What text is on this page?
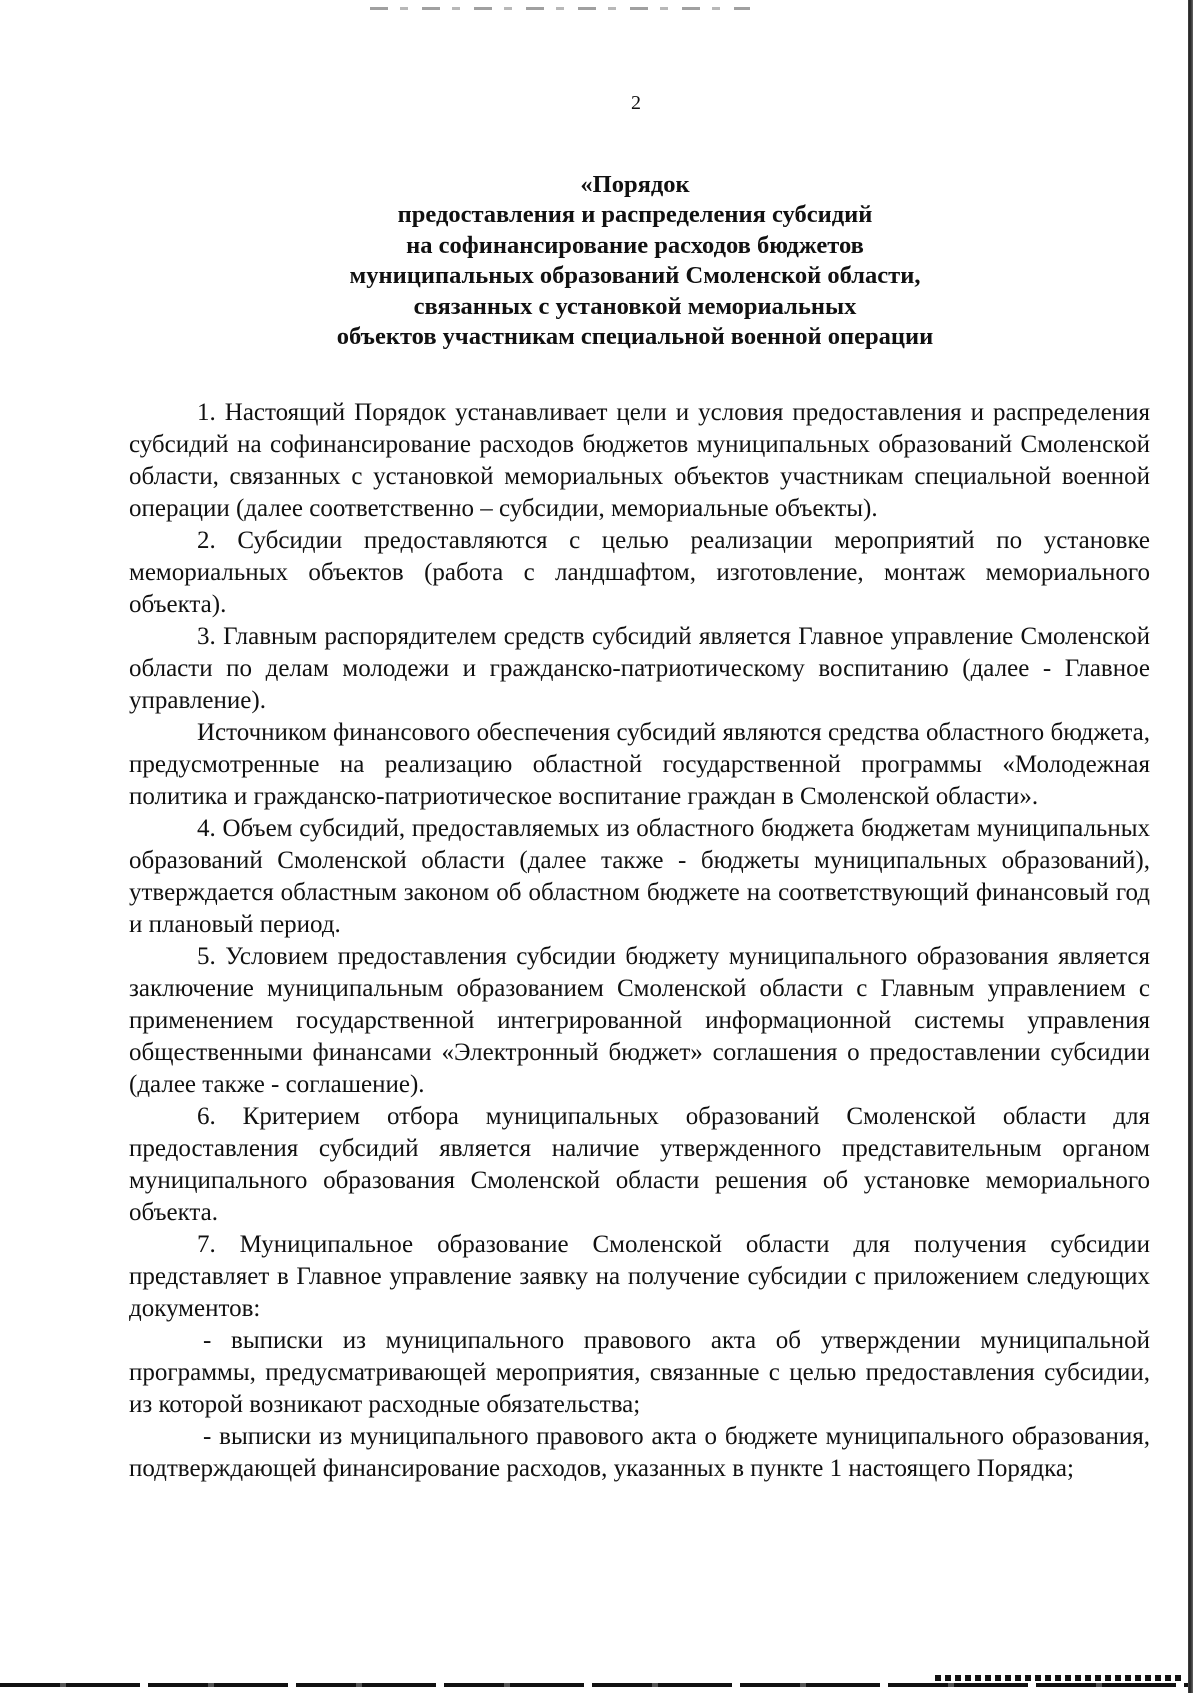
2
«Порядок
предоставления и распределения субсидий
на софинансирование расходов бюджетов
муниципальных образований Смоленской области,
связанных с установкой мемориальных
объектов участникам специальной военной операции

1. Настоящий Порядок устанавливает цели и условия предоставления и распределения субсидий на софинансирование расходов бюджетов муниципальных образований Смоленской области, связанных с установкой мемориальных объектов участникам специальной военной операции (далее соответственно – субсидии, мемориальные объекты).

2. Субсидии предоставляются с целью реализации мероприятий по установке мемориальных объектов (работа с ландшафтом, изготовление, монтаж мемориального объекта).

3. Главным распорядителем средств субсидий является Главное управление Смоленской области по делам молодежи и гражданско-патриотическому воспитанию (далее - Главное управление).

Источником финансового обеспечения субсидий являются средства областного бюджета, предусмотренные на реализацию областной государственной программы «Молодежная политика и гражданско-патриотическое воспитание граждан в Смоленской области».

4. Объем субсидий, предоставляемых из областного бюджета бюджетам муниципальных образований Смоленской области (далее также - бюджеты муниципальных образований), утверждается областным законом об областном бюджете на соответствующий финансовый год и плановый период.

5. Условием предоставления субсидии бюджету муниципального образования является заключение муниципальным образованием Смоленской области с Главным управлением с применением государственной интегрированной информационной системы управления общественными финансами «Электронный бюджет» соглашения о предоставлении субсидии (далее также - соглашение).

6. Критерием отбора муниципальных образований Смоленской области для предоставления субсидий является наличие утвержденного представительным органом муниципального образования Смоленской области решения об установке мемориального объекта.

7. Муниципальное образование Смоленской области для получения субсидии представляет в Главное управление заявку на получение субсидии с приложением следующих документов:

- выписки из муниципального правового акта об утверждении муниципальной программы, предусматривающей мероприятия, связанные с целью предоставления субсидии, из которой возникают расходные обязательства;

- выписки из муниципального правового акта о бюджете муниципального образования, подтверждающей финансирование расходов, указанных в пункте 1 настоящего Порядка;
